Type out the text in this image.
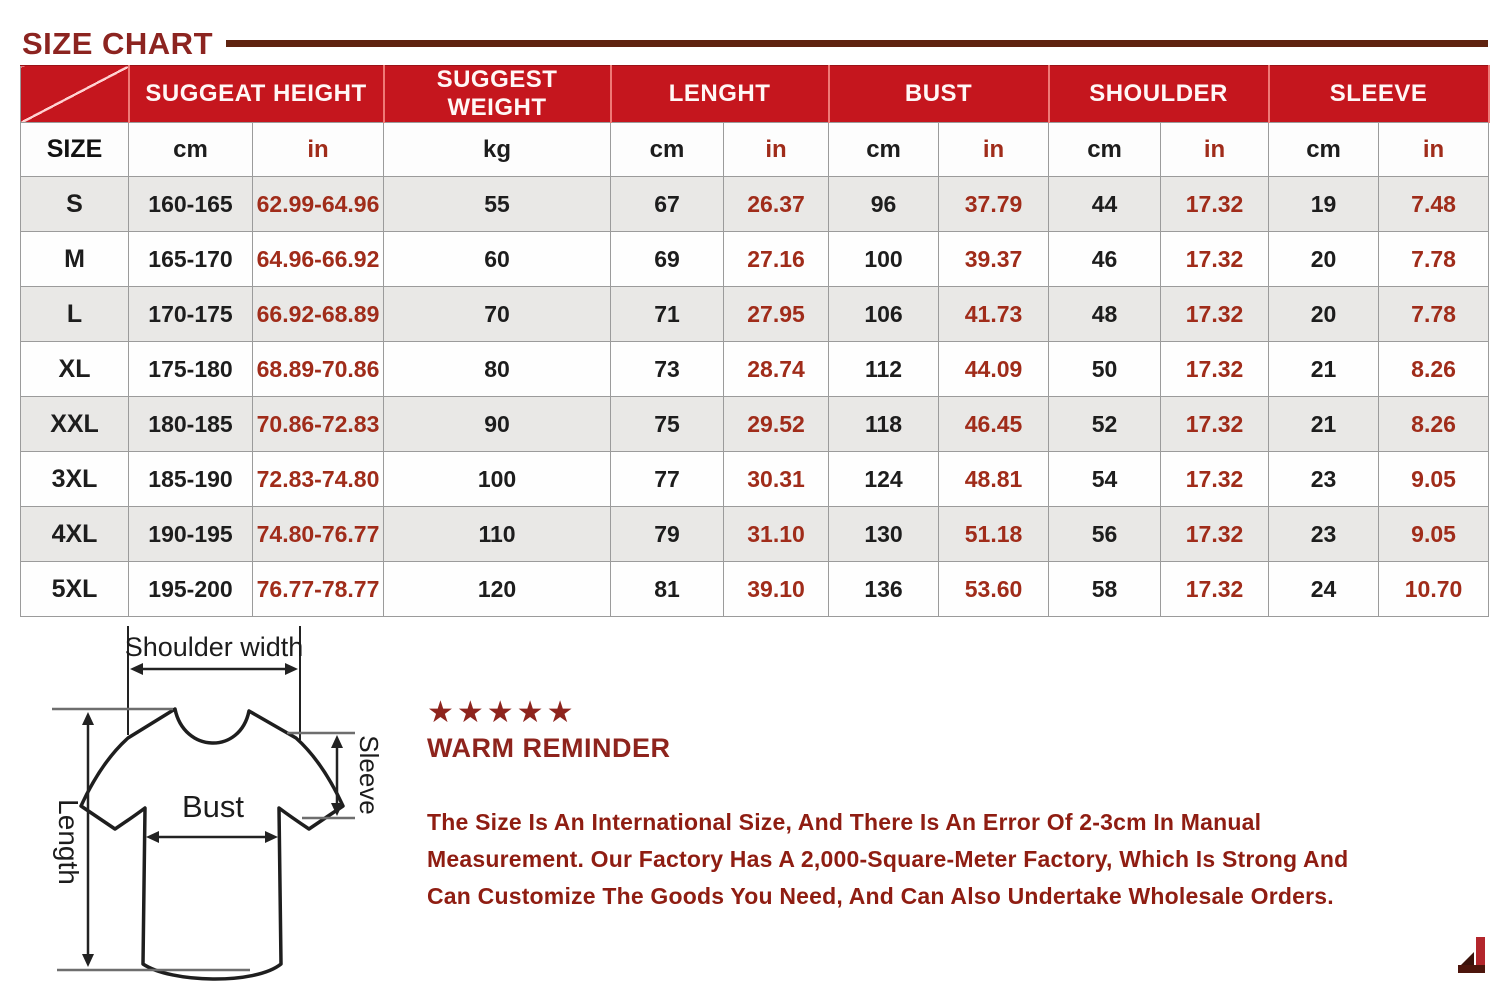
SIZE CHART
	SUGGEAT HEIGHT		SUGGEST WEIGHT	LENGHT		BUST		SHOULDER		SLEEVE	
SIZE	cm	in	kg	cm	in	cm	in	cm	in	cm	in
S	160-165	62.99-64.96	55	67	26.37	96	37.79	44	17.32	19	7.48
M	165-170	64.96-66.92	60	69	27.16	100	39.37	46	17.32	20	7.78
L	170-175	66.92-68.89	70	71	27.95	106	41.73	48	17.32	20	7.78
XL	175-180	68.89-70.86	80	73	28.74	112	44.09	50	17.32	21	8.26
XXL	180-185	70.86-72.83	90	75	29.52	118	46.45	52	17.32	21	8.26
3XL	185-190	72.83-74.80	100	77	30.31	124	48.81	54	17.32	23	9.05
4XL	190-195	74.80-76.77	110	79	31.10	130	51.18	56	17.32	23	9.05
5XL	195-200	76.77-78.77	120	81	39.10	136	53.60	58	17.32	24	10.70
Shoulder width
Length
Sleeve
Bust
★★★★★
WARM REMINDER
The Size Is An International Size, And There Is An Error Of 2-3cm In Manual Measurement. Our Factory Has A 2,000-Square-Meter Factory, Which Is Strong And Can Customize The Goods You Need, And Can Also Undertake Wholesale Orders.
